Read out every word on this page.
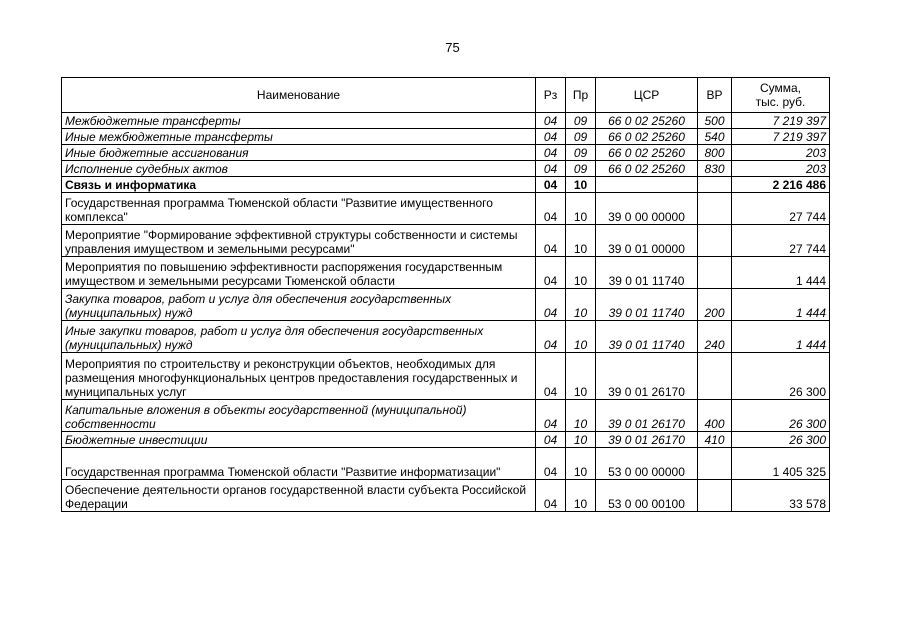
75
Наименование	Рз	Пр	ЦСР	ВР	Сумма,
тыс. руб.

Межбюджетные трансферты	04	09	66 0 02 25260	500	7 219 397
Иные межбюджетные трансферты	04	09	66 0 02 25260	540	7 219 397
Иные бюджетные ассигнования	04	09	66 0 02 25260	800	203
Исполнение судебных актов	04	09	66 0 02 25260	830	203
Связь и информатика	04	10			2 216 486
Государственная программа Тюменской области "Развитие имущественного комплекса"	04	10	39 0 00 00000		27 744
Мероприятие "Формирование эффективной структуры собственности и системы управления имуществом и земельными ресурсами"	04	10	39 0 01 00000		27 744
Мероприятия по повышению эффективности распоряжения государственным имуществом и земельными ресурсами Тюменской области	04	10	39 0 01 11740		1 444
Закупка товаров, работ и услуг для обеспечения государственных (муниципальных) нужд	04	10	39 0 01 11740	200	1 444
Иные закупки товаров, работ и услуг для обеспечения государственных (муниципальных) нужд	04	10	39 0 01 11740	240	1 444
Мероприятия по строительству и реконструкции объектов, необходимых для размещения многофункциональных центров предоставления государственных и муниципальных услуг	04	10	39 0 01 26170		26 300
Капитальные вложения в объекты государственной (муниципальной) собственности	04	10	39 0 01 26170	400	26 300
Бюджетные инвестиции	04	10	39 0 01 26170	410	26 300
Государственная программа Тюменской области "Развитие информатизации"	04	10	53 0 00 00000		1 405 325
Обеспечение деятельности органов государственной власти субъекта Российской Федерации	04	10	53 0 00 00100		33 578
